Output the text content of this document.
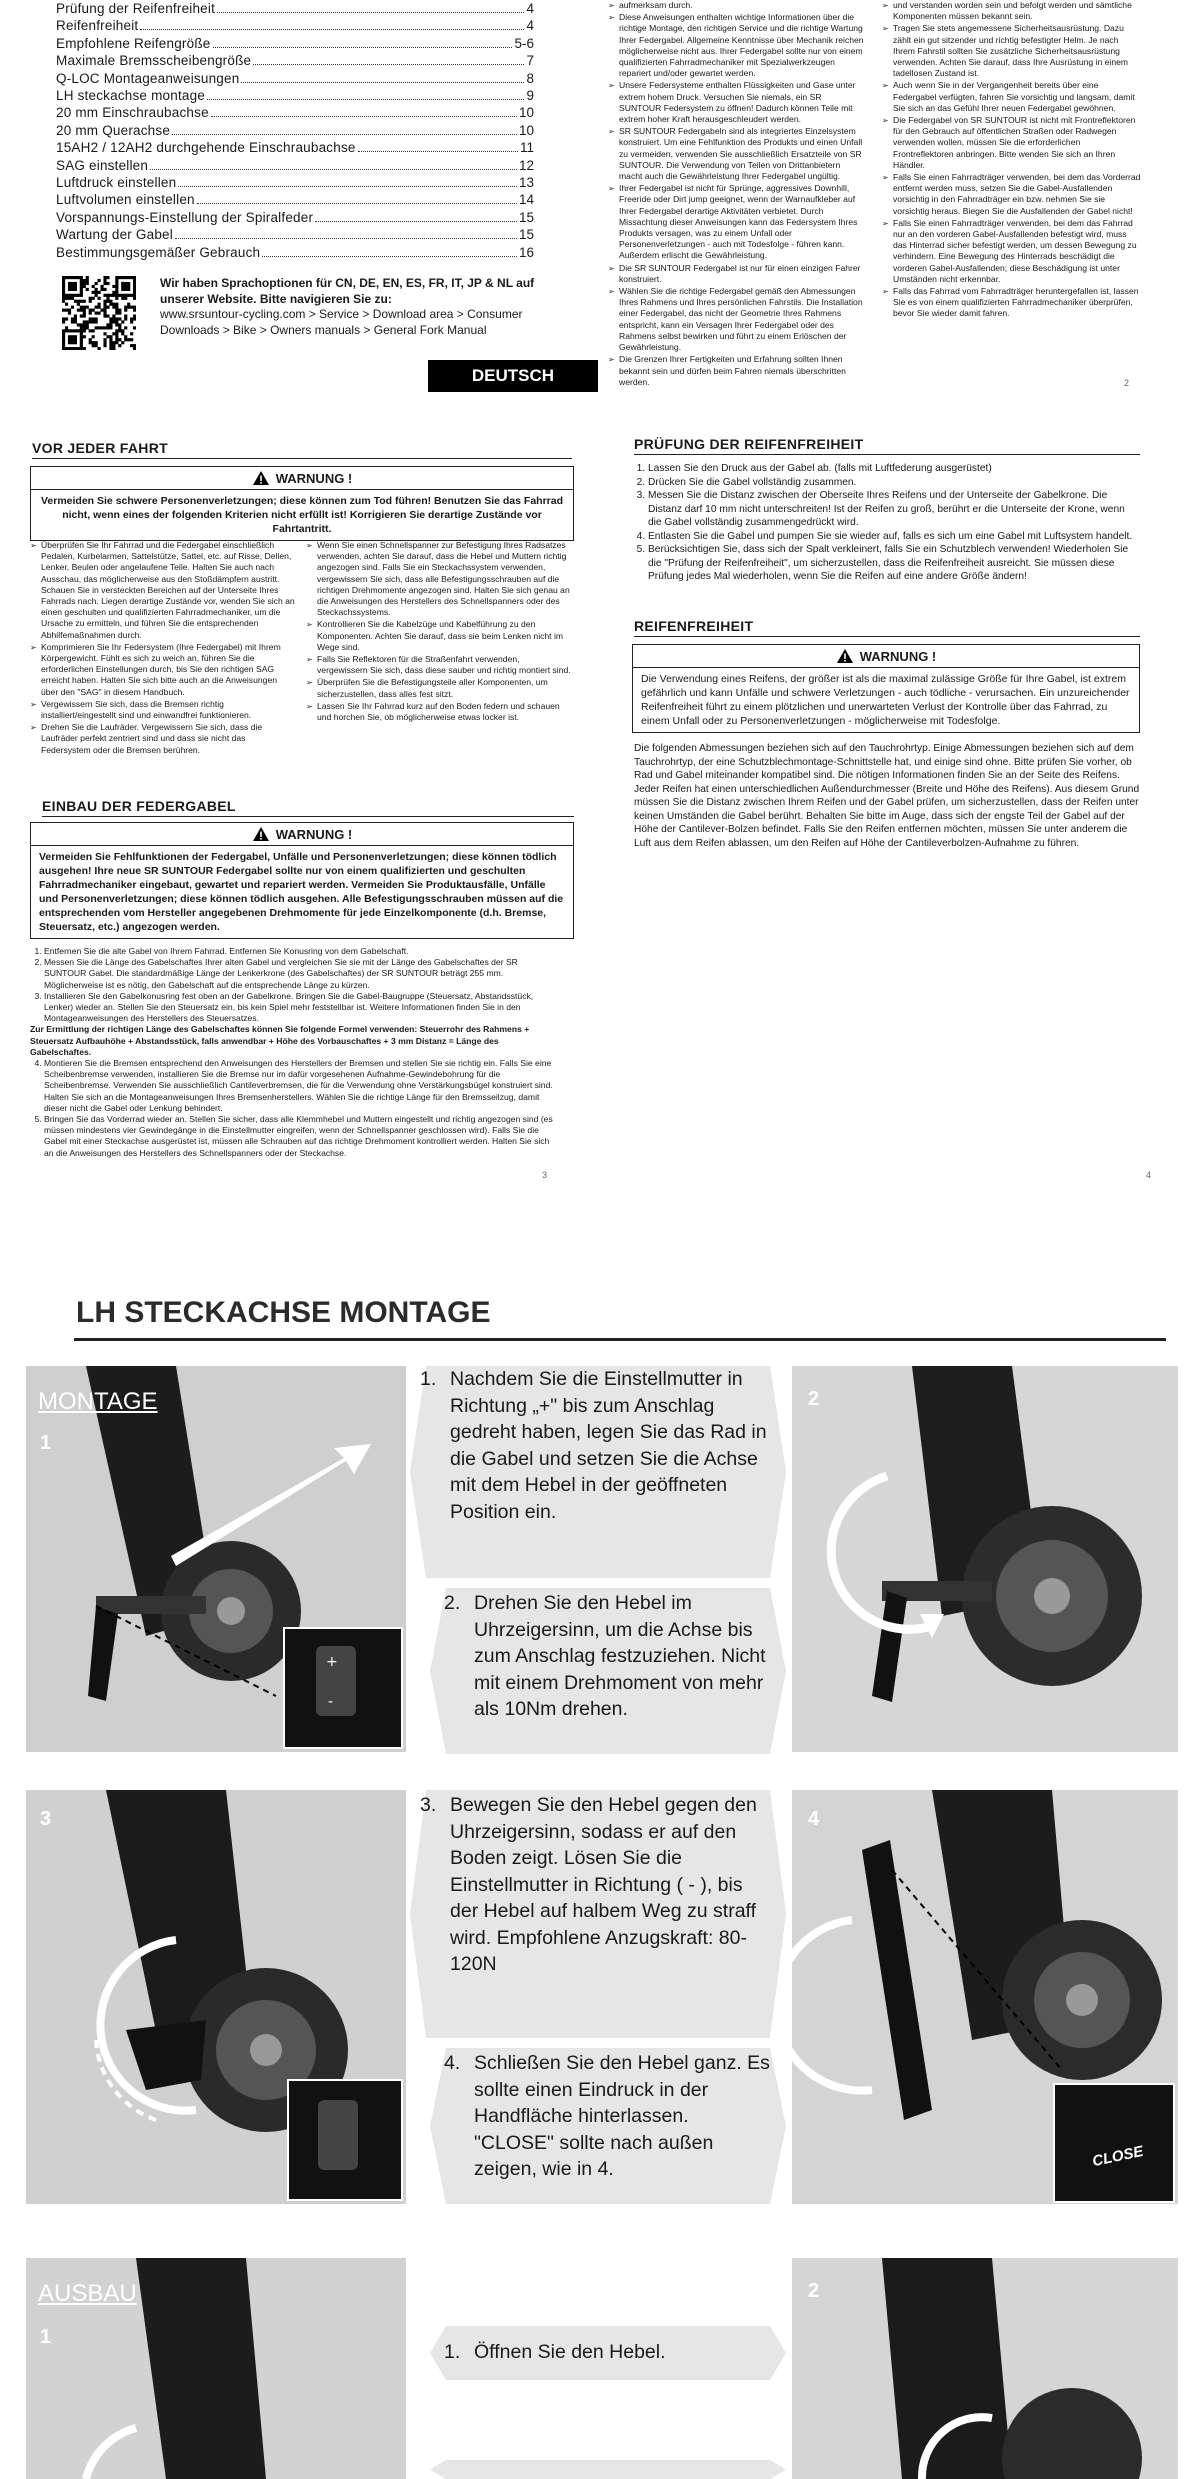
Prüfung der Reifenfreiheit	4
Reifenfreiheit	4
Empfohlene Reifengröße	5-6
Maximale Bremsscheibengröße	7
Q-LOC Montageanweisungen	8
LH steckachse montage	9
20 mm Einschraubachse	10
20 mm Querachse	10
15AH2 / 12AH2 durchgehende Einschraubachse	11
SAG einstellen	12
Luftdruck einstellen	13
Luftvolumen einstellen	14
Vorspannungs-Einstellung der Spiralfeder	15
Wartung der Gabel	15
Bestimmungsgemäßer Gebrauch	16
Wir haben Sprachoptionen für CN, DE, EN, ES, FR, IT, JP & NL auf unserer Website. Bitte navigieren Sie zu:
www.srsuntour-cycling.com > Service > Download area > Consumer
Downloads > Bike > Owners manuals > General Fork Manual
DEUTSCH
➢ aufmerksam durch.
➢ Diese Anweisungen enthalten wichtige Informationen über die richtige Montage, den richtigen Service und die richtige Wartung Ihrer Federgabel. Allgemeine Kenntnisse über Mechanik reichen möglicherweise nicht aus. Ihrer Federgabel sollte nur von einem qualifizierten Fahrradmechaniker mit Spezialwerkzeugen repariert und/oder gewartet werden.
➢ Unsere Federsysteme enthalten Flüssigkeiten und Gase unter extrem hohem Druck. Versuchen Sie niemals, ein SR SUNTOUR Federsystem zu öffnen! Dadurch können Teile mit extrem hoher Kraft herausgeschleudert werden.
➢ SR SUNTOUR Federgabeln sind als integriertes Einzelsystem konstruiert. Um eine Fehlfunktion des Produkts und einen Unfall zu vermeiden, verwenden Sie ausschließlich Ersatzteile von SR SUNTOUR. Die Verwendung von Teilen von Drittanbietern macht auch die Gewährleistung Ihrer Federgabel ungültig.
➢ Ihrer Federgabel ist nicht für Sprünge, aggressives Downhill, Freeride oder Dirt jump geeignet, wenn der Warnaufkleber auf Ihrer Federgabel derartige Aktivitäten verbietet. Durch Missachtung dieser Anweisungen kann das Federsystem Ihres Produkts versagen, was zu einem Unfall oder Personenverletzungen - auch mit Todesfolge - führen kann. Außerdem erlischt die Gewährleistung.
➢ Die SR SUNTOUR Federgabel ist nur für einen einzigen Fahrer konstruiert.
➢ Wählen Sie die richtige Federgabel gemäß den Abmessungen Ihres Rahmens und Ihres persönlichen Fahrstils. Die Installation einer Federgabel, das nicht der Geometrie Ihres Rahmens entspricht, kann ein Versagen Ihrer Federgabel oder des Rahmens selbst bewirken und führt zu einem Erlöschen der Gewährleistung.
➢ Die Grenzen Ihrer Fertigkeiten und Erfahrung sollten Ihnen bekannt sein und dürfen beim Fahren niemals überschritten werden.
➢ und verstanden worden sein und befolgt werden und sämtliche Komponenten müssen bekannt sein.
➢ Tragen Sie stets angemessene Sicherheitsausrüstung. Dazu zählt ein gut sitzender und richtig befestigter Helm. Je nach Ihrem Fahrstil sollten Sie zusätzliche Sicherheitsausrüstung verwenden. Achten Sie darauf, dass Ihre Ausrüstung in einem tadellosen Zustand ist.
➢ Auch wenn Sie in der Vergangenheit bereits über eine Federgabel verfügten, fahren Sie vorsichtig und langsam, damit Sie sich an das Gefühl Ihrer neuen Federgabel gewöhnen.
➢ Die Federgabel von SR SUNTOUR ist nicht mit Frontreflektoren für den Gebrauch auf öffentlichen Straßen oder Radwegen verwenden wollen, müssen Sie die erforderlichen Frontreflektoren anbringen. Bitte wenden Sie sich an Ihren Händler.
➢ Falls Sie einen Fahrradträger verwenden, bei dem das Vorderrad entfernt werden muss, setzen Sie die Gabel-Ausfallenden vorsichtig in den Fahrradträger ein bzw. nehmen Sie sie vorsichtig heraus. Biegen Sie die Ausfallenden der Gabel nicht!
➢ Falls Sie einen Fahrradträger verwenden, bei dem das Fahrrad nur an den vorderen Gabel-Ausfallenden befestigt wird, muss das Hinterrad sicher befestigt werden, um dessen Bewegung zu verhindern. Eine Bewegung des Hinterrads beschädigt die vorderen Gabel-Ausfallenden; diese Beschädigung ist unter Umständen nicht erkennbar.
➢ Falls das Fahrrad vom Fahrradträger heruntergefallen ist, lassen Sie es von einem qualifizierten Fahrradmechaniker überprüfen, bevor Sie wieder damit fahren.
2
VOR JEDER FAHRT
WARNUNG !
Vermeiden Sie schwere Personenverletzungen; diese können zum Tod führen! Benutzen Sie das Fahrrad nicht, wenn eines der folgenden Kriterien nicht erfüllt ist! Korrigieren Sie derartige Zustände vor Fahrtantritt.
➢ Überprüfen Sie Ihr Fahrrad und die Federgabel einschließlich Pedalen, Kurbelarmen, Sattelstütze, Sattel, etc. auf Risse, Dellen, Lenker, Beulen oder angelaufene Teile. Halten Sie auch nach Ausschau, das möglicherweise aus den Stoßdämpfern austritt. Schauen Sie in versteckten Bereichen auf der Unterseite Ihres Fahrrads nach. Liegen derartige Zustände vor, wenden Sie sich an einen geschulten und qualifizierten Fahrradmechaniker, um die Ursache zu ermitteln, und führen Sie die entsprechenden Abhilfemaßnahmen durch.
➢ Komprimieren Sie Ihr Federsystem (Ihre Federgabel) mit Ihrem Körpergewicht. Fühlt es sich zu weich an, führen Sie die erforderlichen Einstellungen durch, bis Sie den richtigen SAG erreicht haben. Halten Sie sich bitte auch an die Anweisungen über den "SAG" in diesem Handbuch.
➢ Vergewissern Sie sich, dass die Bremsen richtig installiert/eingestellt sind und einwandfrei funktionieren.
➢ Drehen Sie die Laufräder. Vergewissern Sie sich, dass die Laufräder perfekt zentriert sind und dass sie nicht das Federsystem oder die Bremsen berühren.
➢ Wenn Sie einen Schnellspanner zur Befestigung Ihres Radsatzes verwenden, achten Sie darauf, dass die Hebel und Muttern richtig angezogen sind. Falls Sie ein Steckachssystem verwenden, vergewissern Sie sich, dass alle Befestigungsschrauben auf die richtigen Drehmomente angezogen sind. Halten Sie sich genau an die Anweisungen des Herstellers des Schnellspanners oder des Steckachssystems.
➢ Kontrollieren Sie die Kabelzüge und Kabelführung zu den Komponenten. Achten Sie darauf, dass sie beim Lenken nicht im Wege sind.
➢ Falls Sie Reflektoren für die Straßenfahrt verwenden, vergewissern Sie sich, dass diese sauber und richtig montiert sind.
➢ Überprüfen Sie die Befestigungsteile aller Komponenten, um sicherzustellen, dass alles fest sitzt.
➢ Lassen Sie Ihr Fahrrad kurz auf den Boden federn und schauen und horchen Sie, ob möglicherweise etwas locker ist.
EINBAU DER FEDERGABEL
WARNUNG !
Vermeiden Sie Fehlfunktionen der Federgabel, Unfälle und Personenverletzungen; diese können tödlich ausgehen! Ihre neue SR SUNTOUR Federgabel sollte nur von einem qualifizierten und geschulten Fahrradmechaniker eingebaut, gewartet und repariert werden. Vermeiden Sie Produktausfälle, Unfälle und Personenverletzungen; diese können tödlich ausgehen. Alle Befestigungsschrauben müssen auf die entsprechenden vom Hersteller angegebenen Drehmomente für jede Einzelkomponente (d.h. Bremse, Steuersatz, etc.) angezogen werden.
1. Entfernen Sie die alte Gabel von Ihrem Fahrrad. Entfernen Sie Konusring von dem Gabelschaft.
2. Messen Sie die Länge des Gabelschaftes Ihrer alten Gabel und vergleichen Sie sie mit der Länge des Gabelschaftes der SR SUNTOUR Gabel. Die standardmäßige Länge der Lenkerkrone (des Gabelschaftes) der SR SUNTOUR beträgt 255 mm. Möglicherweise ist es nötig, den Gabelschaft auf die entsprechende Länge zu kürzen.
3. Installieren Sie den Gabelkonusring fest oben an der Gabelkrone. Bringen Sie die Gabel-Baugruppe (Steuersatz, Abstandsstück, Lenker) wieder an. Stellen Sie den Steuersatz ein, bis kein Spiel mehr feststellbar ist. Weitere Informationen finden Sie in den Montageanweisungen des Herstellers des Steuersatzes.
Zur Ermittlung der richtigen Länge des Gabelschaftes können Sie folgende Formel verwenden: Steuerrohr des Rahmens +
Steuersatz Aufbauhöhe + Abstandsstück, falls anwendbar + Höhe des Vorbauschaftes + 3 mm Distanz = Länge des Gabelschaftes.
4. Montieren Sie die Bremsen entsprechend den Anweisungen des Herstellers der Bremsen und stellen Sie sie richtig ein. Falls Sie eine Scheibenbremse verwenden, installieren Sie die Bremse nur im dafür vorgesehenen Aufnahme-Gewindebohrung für die Scheibenbremse. Verwenden Sie ausschließlich Cantileverbremsen, die für die Verwendung ohne Verstärkungsbügel konstruiert sind. Halten Sie sich an die Montageanweisungen Ihres Bremsenherstellers. Wählen Sie die richtige Länge für den Bremsseilzug, damit dieser nicht die Gabel oder Lenkung behindert.
5. Bringen Sie das Vorderrad wieder an. Stellen Sie sicher, dass alle Klemmhebel und Muttern eingestellt und richtig angezogen sind (es müssen mindestens vier Gewindegänge in die Einstellmutter eingreifen, wenn der Schnellspanner geschlossen wird). Falls Sie die Gabel mit einer Steckachse ausgerüstet ist, müssen alle Schrauben auf das richtige Drehmoment kontrolliert werden. Halten Sie sich an die Anweisungen des Herstellers des Schnellspanners oder der Steckachse.
3
PRÜFUNG DER REIFENFREIHEIT
1. Lassen Sie den Druck aus der Gabel ab. (falls mit Luftfederung ausgerüstet)
2. Drücken Sie die Gabel vollständig zusammen.
3. Messen Sie die Distanz zwischen der Oberseite Ihres Reifens und der Unterseite der Gabelkrone. Die Distanz darf 10 mm nicht unterschreiten! Ist der Reifen zu groß, berührt er die Unterseite der Krone, wenn die Gabel vollständig zusammengedrückt wird.
4. Entlasten Sie die Gabel und pumpen Sie sie wieder auf, falls es sich um eine Gabel mit Luftsystem handelt.
5. Berücksichtigen Sie, dass sich der Spalt verkleinert, falls Sie ein Schutzblech verwenden! Wiederholen Sie die "Prüfung der Reifenfreiheit", um sicherzustellen, dass die Reifenfreiheit ausreicht. Sie müssen diese Prüfung jedes Mal wiederholen, wenn Sie die Reifen auf eine andere Größe ändern!
REIFENFREIHEIT
WARNUNG !
Die Verwendung eines Reifens, der größer ist als die maximal zulässige Größe für Ihre Gabel, ist extrem gefährlich und kann Unfälle und schwere Verletzungen - auch tödliche - verursachen. Ein unzureichender Reifenfreiheit führt zu einem plötzlichen und unerwarteten Verlust der Kontrolle über das Fahrrad, zu einem Unfall oder zu Personenverletzungen - möglicherweise mit Todesfolge.
Die folgenden Abmessungen beziehen sich auf den Tauchrohrtyp. Einige Abmessungen beziehen sich auf dem Tauchrohrtyp, der eine Schutzblechmontage-Schnittstelle hat, und einige sind ohne. Bitte prüfen Sie vorher, ob Rad und Gabel miteinander kompatibel sind. Die nötigen Informationen finden Sie an der Seite des Reifens. Jeder Reifen hat einen unterschiedlichen Außendurchmesser (Breite und Höhe des Reifens). Aus diesem Grund müssen Sie die Distanz zwischen Ihrem Reifen und der Gabel prüfen, um sicherzustellen, dass der Reifen unter keinen Umständen die Gabel berührt. Behalten Sie bitte im Auge, dass sich der engste Teil der Gabel auf der Höhe der Cantilever-Bolzen befindet. Falls Sie den Reifen entfernen möchten, müssen Sie unter anderem die Luft aus dem Reifen ablassen, um den Reifen auf Höhe der Cantileverbolzen-Aufnahme zu führen.
4
LH STECKACHSE MONTAGE
+
-
MONTAGE
1
1. Nachdem Sie die Einstellmutter in Richtung „+" bis zum Anschlag gedreht haben, legen Sie das Rad in die Gabel und setzen Sie die Achse mit dem Hebel in der geöffneten Position ein.
2. Drehen Sie den Hebel im Uhrzeigersinn, um die Achse bis zum Anschlag festzuziehen. Nicht mit einem Drehmoment von mehr als 10Nm drehen.
2
3
3. Bewegen Sie den Hebel gegen den Uhrzeigersinn, sodass er auf den Boden zeigt. Lösen Sie die Einstellmutter in Richtung ( - ), bis der Hebel auf halbem Weg zu straff wird. Empfohlene Anzugskraft: 80-120N
4. Schließen Sie den Hebel ganz. Es sollte einen Eindruck in der Handfläche hinterlassen. "CLOSE" sollte nach außen zeigen, wie in 4.
4
CLOSE
AUSBAU
1
1. Öffnen Sie den Hebel.
2
